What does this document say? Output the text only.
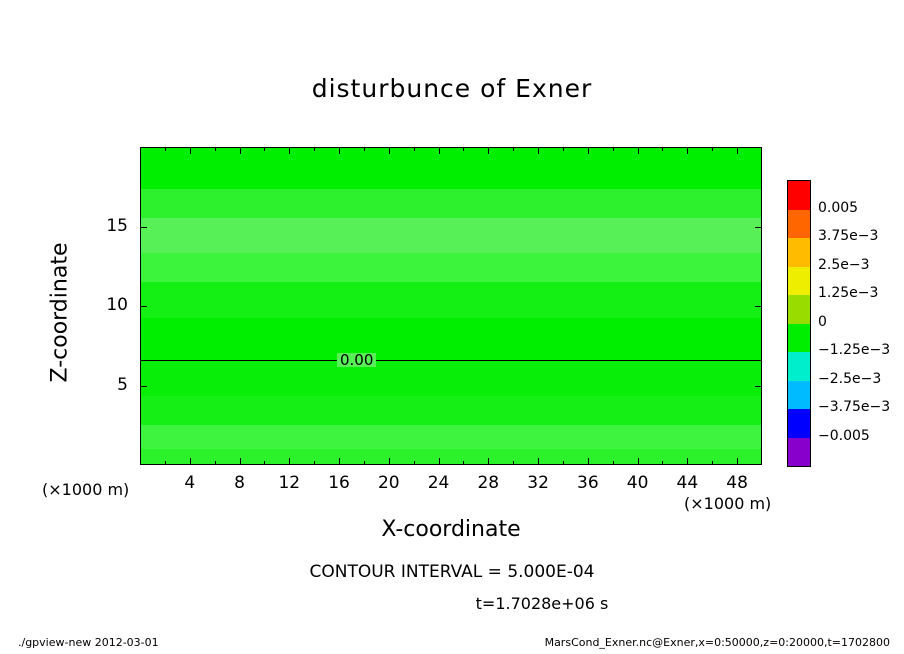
disturbunce of Exner
0.00
4	8	12	16	20	24	28	32	36	40	44	48
5
10
15
X-coordinate
Z-coordinate
(×1000 m)
(×1000 m)
0.005
3.75e−3
2.5e−3
1.25e−3
0
−1.25e−3
−2.5e−3
−3.75e−3
−0.005
CONTOUR INTERVAL = 5.000E-04
t=1.7028e+06 s
./gpview-new 2012-03-01	MarsCond_Exner.nc@Exner,x=0:50000,z=0:20000,t=1702800
